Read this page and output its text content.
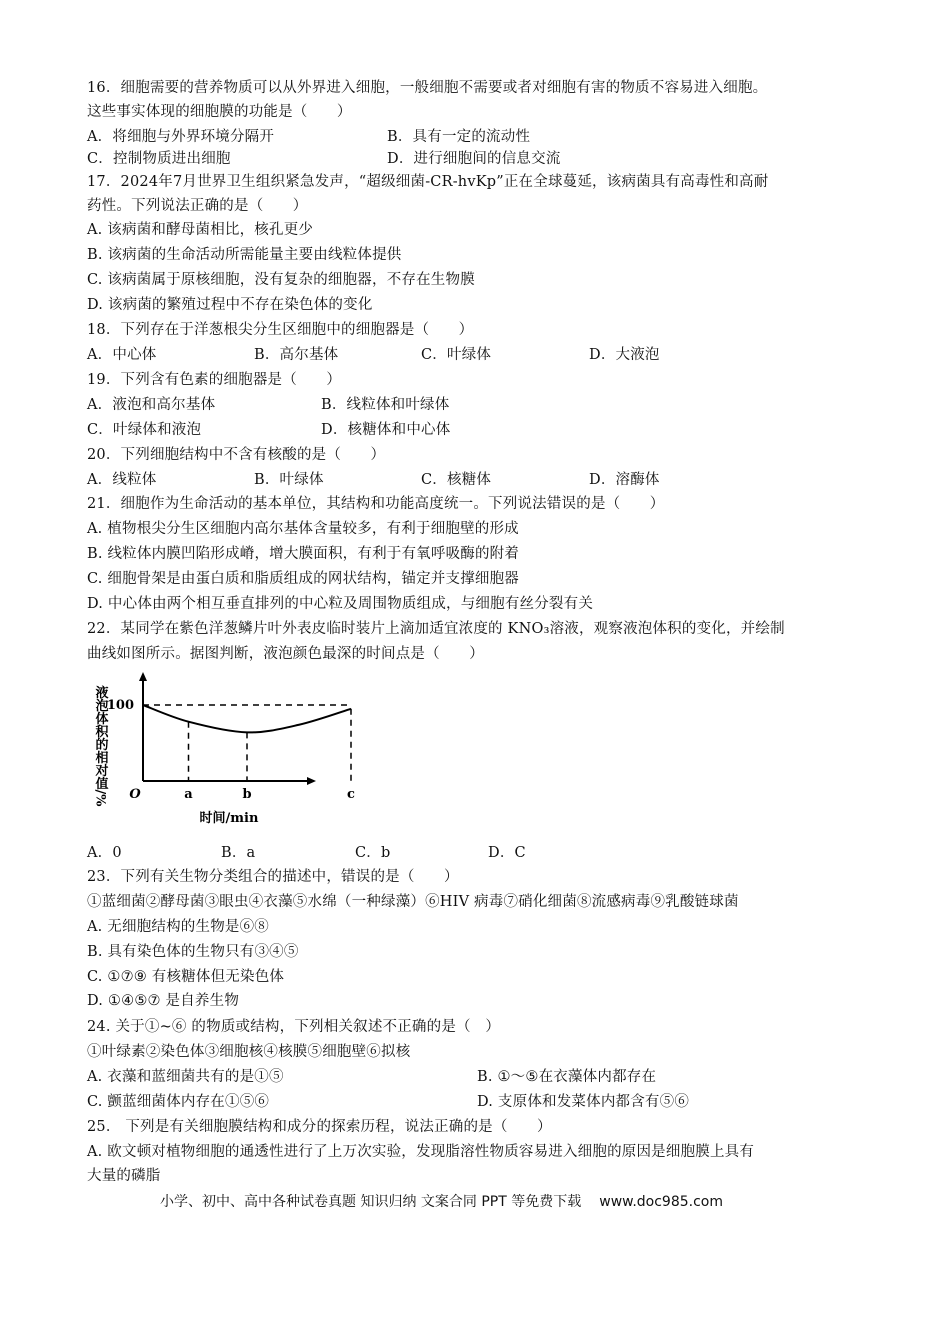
16．细胞需要的营养物质可以从外界进入细胞，一般细胞不需要或者对细胞有害的物质不容易进入细胞。
这些事实体现的细胞膜的功能是（　　）
A．将细胞与外界环境分隔开	B．具有一定的流动性
C．控制物质进出细胞	D．进行细胞间的信息交流
17．2024年7月世界卫生组织紧急发声，“超级细菌-CR-hvKp”正在全球蔓延，该病菌具有高毒性和高耐
药性。下列说法正确的是（　　）
A. 该病菌和酵母菌相比，核孔更少
B. 该病菌的生命活动所需能量主要由线粒体提供
C. 该病菌属于原核细胞，没有复杂的细胞器，不存在生物膜
D. 该病菌的繁殖过程中不存在染色体的变化
18．下列存在于洋葱根尖分生区细胞中的细胞器是（　　）
A．中心体	B．高尔基体	C．叶绿体	D．大液泡
19．下列含有色素的细胞器是（　　）
A．液泡和高尔基体	B．线粒体和叶绿体
C．叶绿体和液泡	D．核糖体和中心体
20．下列细胞结构中不含有核酸的是（　　）
A．线粒体	B．叶绿体	C．核糖体	D．溶酶体
21．细胞作为生命活动的基本单位，其结构和功能高度统一。下列说法错误的是（　　）
A. 植物根尖分生区细胞内高尔基体含量较多，有利于细胞壁的形成
B. 线粒体内膜凹陷形成嵴，增大膜面积，有利于有氧呼吸酶的附着
C. 细胞骨架是由蛋白质和脂质组成的网状结构，锚定并支撑细胞器
D. 中心体由两个相互垂直排列的中心粒及周围物质组成，与细胞有丝分裂有关
22．某同学在紫色洋葱鳞片叶外表皮临时装片上滴加适宜浓度的 KNO₃溶液，观察液泡体积的变化，并绘制
曲线如图所示。据图判断，液泡颜色最深的时间点是（　　）
液泡体积的相对值/% 100
O	a	b	c
时间/min
A．0	B．a	C．b	D．C
23．下列有关生物分类组合的描述中，错误的是（　　）
①蓝细菌②酵母菌③眼虫④衣藻⑤水绵（一种绿藻）⑥HIV 病毒⑦硝化细菌⑧流感病毒⑨乳酸链球菌
A. 无细胞结构的生物是⑥⑧
B. 具有染色体的生物只有③④⑤
C. ①⑦⑨ 有核糖体但无染色体
D. ①④⑤⑦ 是自养生物
24. 关于①~⑥ 的物质或结构，下列相关叙述不正确的是（　）
①叶绿素②染色体③细胞核④核膜⑤细胞壁⑥拟核
A. 衣藻和蓝细菌共有的是①⑤	B. ①～⑤在衣藻体内都存在
C. 颤蓝细菌体内存在①⑤⑥	D. 支原体和发菜体内都含有⑤⑥
25． 下列是有关细胞膜结构和成分的探索历程，说法正确的是（　　）
A. 欧文顿对植物细胞的通透性进行了上万次实验，发现脂溶性物质容易进入细胞的原因是细胞膜上具有
大量的磷脂
小学、初中、高中各种试卷真题 知识归纳 文案合同 PPT 等免费下载 www.doc985.com
